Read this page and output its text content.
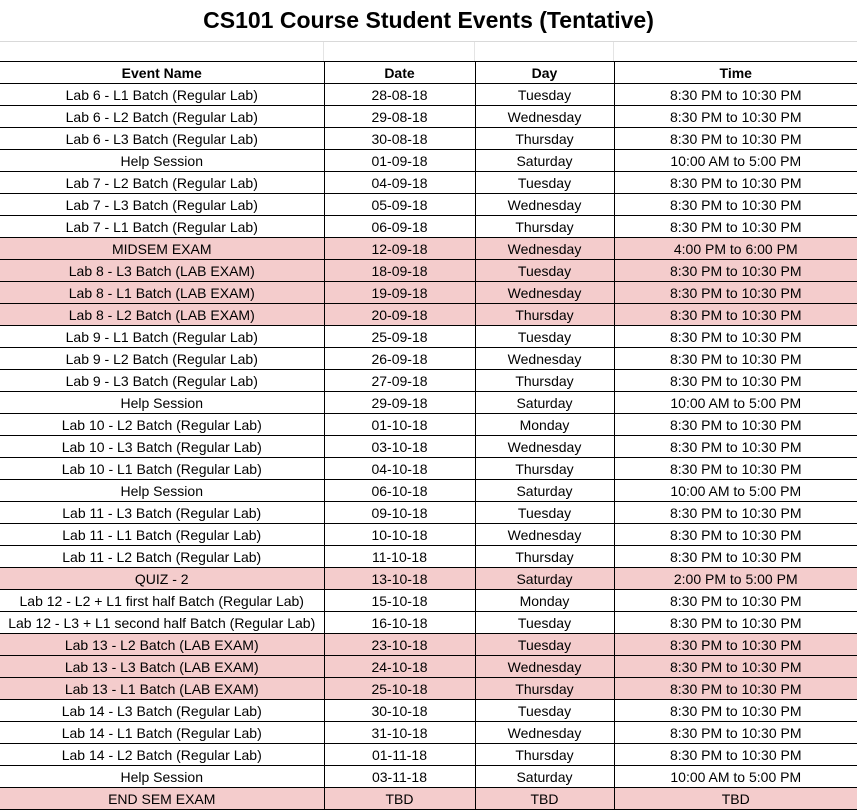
CS101 Course Student Events (Tentative)
Event Name	Date	Day	Time
Lab 6 - L1 Batch (Regular Lab)	28-08-18	Tuesday	8:30 PM to 10:30 PM
Lab 6 - L2 Batch (Regular Lab)	29-08-18	Wednesday	8:30 PM to 10:30 PM
Lab 6 - L3 Batch (Regular Lab)	30-08-18	Thursday	8:30 PM to 10:30 PM
Help Session	01-09-18	Saturday	10:00 AM to 5:00 PM
Lab 7 - L2 Batch (Regular Lab)	04-09-18	Tuesday	8:30 PM to 10:30 PM
Lab 7 - L3 Batch (Regular Lab)	05-09-18	Wednesday	8:30 PM to 10:30 PM
Lab 7 - L1 Batch (Regular Lab)	06-09-18	Thursday	8:30 PM to 10:30 PM
MIDSEM EXAM	12-09-18	Wednesday	4:00 PM to 6:00 PM
Lab 8 - L3 Batch (LAB EXAM)	18-09-18	Tuesday	8:30 PM to 10:30 PM
Lab 8 - L1 Batch (LAB EXAM)	19-09-18	Wednesday	8:30 PM to 10:30 PM
Lab 8 - L2 Batch (LAB EXAM)	20-09-18	Thursday	8:30 PM to 10:30 PM
Lab 9 - L1 Batch (Regular Lab)	25-09-18	Tuesday	8:30 PM to 10:30 PM
Lab 9 - L2 Batch (Regular Lab)	26-09-18	Wednesday	8:30 PM to 10:30 PM
Lab 9 - L3 Batch (Regular Lab)	27-09-18	Thursday	8:30 PM to 10:30 PM
Help Session	29-09-18	Saturday	10:00 AM to 5:00 PM
Lab 10 - L2 Batch (Regular Lab)	01-10-18	Monday	8:30 PM to 10:30 PM
Lab 10 - L3 Batch (Regular Lab)	03-10-18	Wednesday	8:30 PM to 10:30 PM
Lab 10 - L1 Batch (Regular Lab)	04-10-18	Thursday	8:30 PM to 10:30 PM
Help Session	06-10-18	Saturday	10:00 AM to 5:00 PM
Lab 11 - L3 Batch (Regular Lab)	09-10-18	Tuesday	8:30 PM to 10:30 PM
Lab 11 - L1 Batch (Regular Lab)	10-10-18	Wednesday	8:30 PM to 10:30 PM
Lab 11 - L2 Batch (Regular Lab)	11-10-18	Thursday	8:30 PM to 10:30 PM
QUIZ - 2	13-10-18	Saturday	2:00 PM to 5:00 PM
Lab 12 - L2 + L1 first half Batch (Regular Lab)	15-10-18	Monday	8:30 PM to 10:30 PM
Lab 12 - L3 + L1 second half Batch (Regular Lab)	16-10-18	Tuesday	8:30 PM to 10:30 PM
Lab 13 - L2 Batch (LAB EXAM)	23-10-18	Tuesday	8:30 PM to 10:30 PM
Lab 13 - L3 Batch (LAB EXAM)	24-10-18	Wednesday	8:30 PM to 10:30 PM
Lab 13 - L1 Batch (LAB EXAM)	25-10-18	Thursday	8:30 PM to 10:30 PM
Lab 14 - L3 Batch (Regular Lab)	30-10-18	Tuesday	8:30 PM to 10:30 PM
Lab 14 - L1 Batch (Regular Lab)	31-10-18	Wednesday	8:30 PM to 10:30 PM
Lab 14 - L2 Batch (Regular Lab)	01-11-18	Thursday	8:30 PM to 10:30 PM
Help Session	03-11-18	Saturday	10:00 AM to 5:00 PM
END SEM EXAM	TBD	TBD	TBD
